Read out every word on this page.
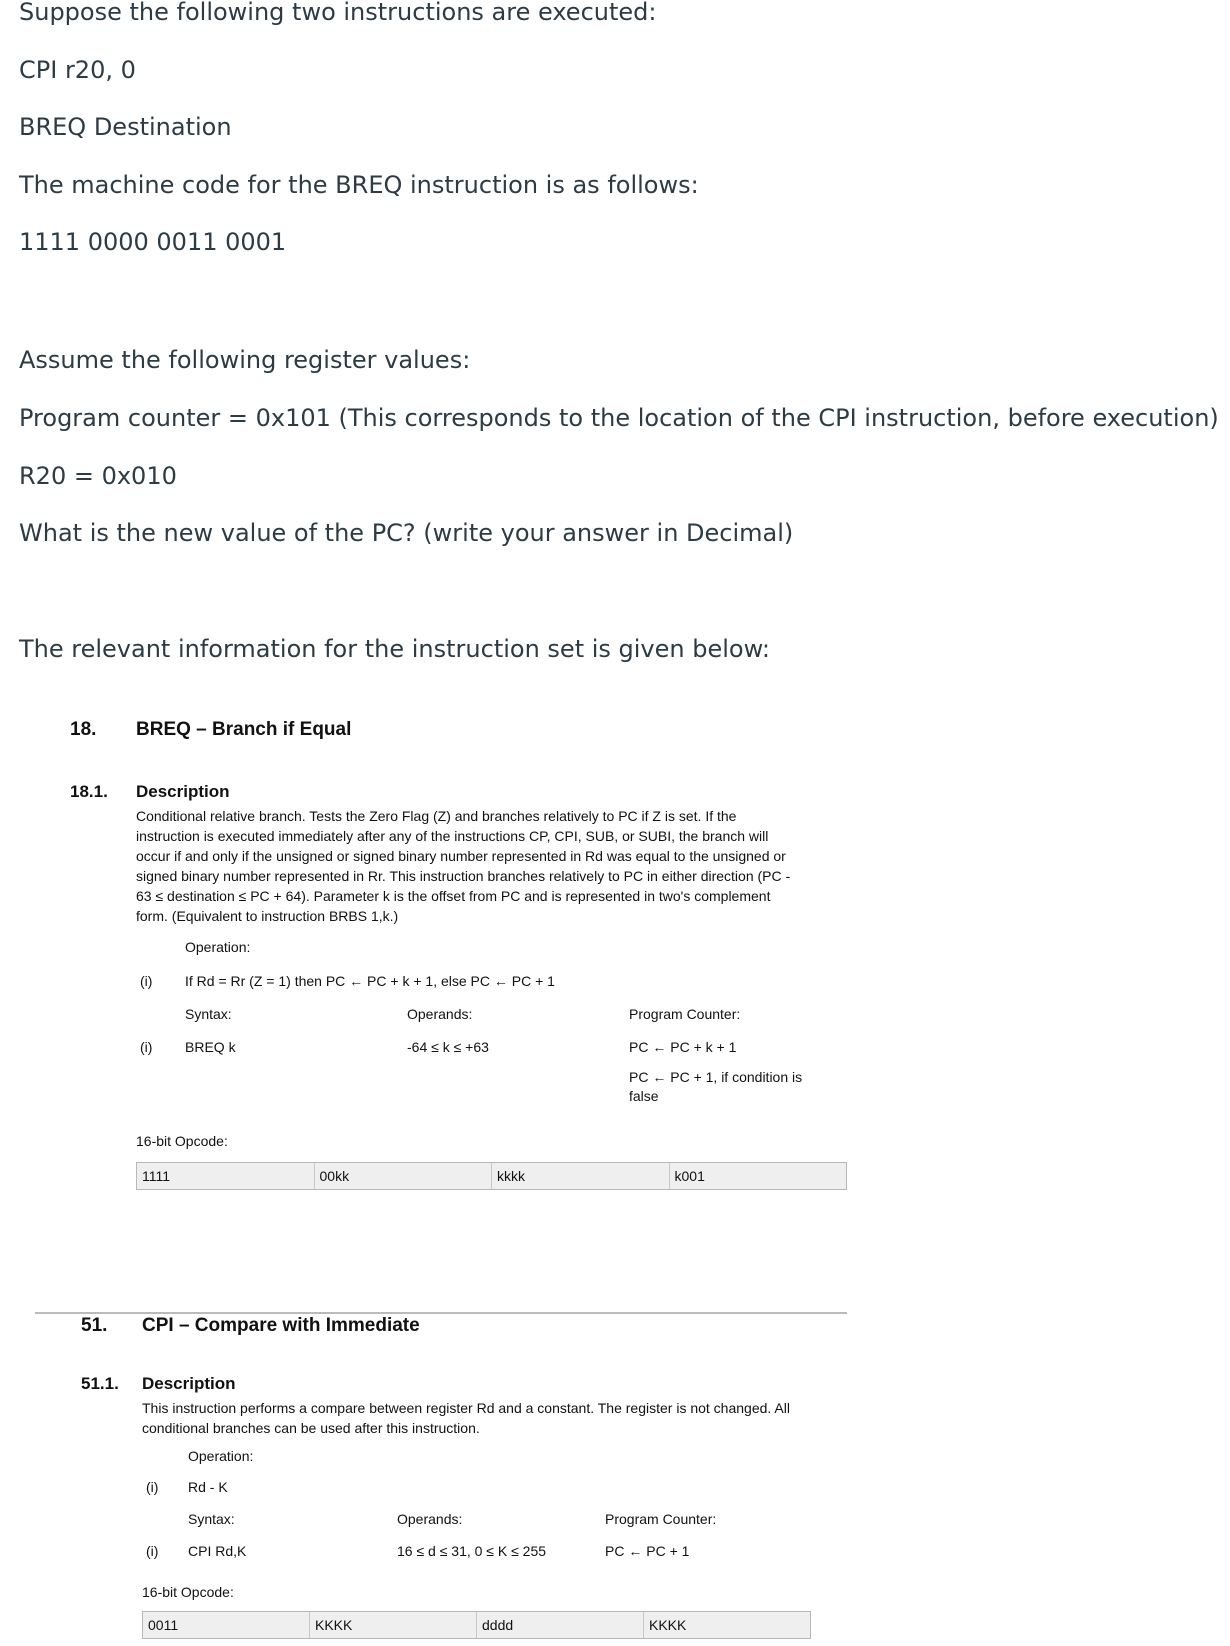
Suppose the following two instructions are executed:
CPI r20, 0
BREQ Destination
The machine code for the BREQ instruction is as follows:
1111 0000 0011 0001
Assume the following register values:
Program counter = 0x101 (This corresponds to the location of the CPI instruction, before execution)
R20 = 0x010
What is the new value of the PC? (write your answer in Decimal)
The relevant information for the instruction set is given below:
18. BREQ – Branch if Equal
18.1. Description
Conditional relative branch. Tests the Zero Flag (Z) and branches relatively to PC if Z is set. If the
instruction is executed immediately after any of the instructions CP, CPI, SUB, or SUBI, the branch will
occur if and only if the unsigned or signed binary number represented in Rd was equal to the unsigned or
signed binary number represented in Rr. This instruction branches relatively to PC in either direction (PC -
63 ≤ destination ≤ PC + 64). Parameter k is the offset from PC and is represented in two's complement
form. (Equivalent to instruction BRBS 1,k.)
Operation:
(i) If Rd = Rr (Z = 1) then PC ← PC + k + 1, else PC ← PC + 1
Syntax:	Operands:	Program Counter:
(i) BREQ k	-64 ≤ k ≤ +63	PC ← PC + k + 1
PC ← PC + 1, if condition is false
16-bit Opcode:
1111	00kk	kkkk	k001
51. CPI – Compare with Immediate
51.1. Description
This instruction performs a compare between register Rd and a constant. The register is not changed. All
conditional branches can be used after this instruction.
Operation:
(i) Rd - K
Syntax:	Operands:	Program Counter:
(i) CPI Rd,K	16 ≤ d ≤ 31, 0 ≤ K ≤ 255	PC ← PC + 1
16-bit Opcode:
0011	KKKK	dddd	KKKK
